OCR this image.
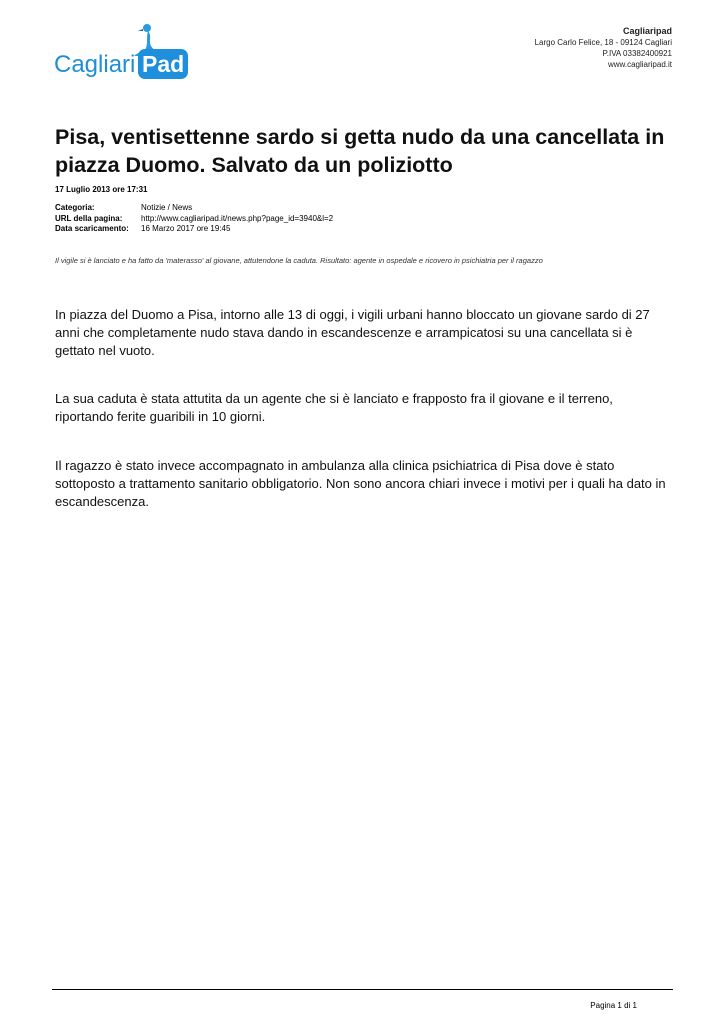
Cagliari Pad
Cagliaripad
Largo Carlo Felice, 18 - 09124 Cagliari
P.IVA 03382400921
www.cagliaripad.it
Pisa, ventisettenne sardo si getta nudo da una cancellata in piazza Duomo. Salvato da un poliziotto
17 Luglio 2013 ore 17:31
Categoria:	Notizie / News
URL della pagina:	http://www.cagliaripad.it/news.php?page_id=3940&l=2
Data scaricamento:	16 Marzo 2017 ore 19:45
Il vigile si è lanciato e ha fatto da 'materasso' al giovane, attutendone la caduta. Risultato: agente in ospedale e ricovero in psichiatria per il ragazzo

In piazza del Duomo a Pisa, intorno alle 13 di oggi, i vigili urbani hanno bloccato un giovane sardo di 27 anni che completamente nudo stava dando in escandescenze e arrampicatosi su una cancellata si è gettato nel vuoto.

La sua caduta è stata attutita da un agente che si è lanciato e frapposto fra il giovane e il terreno, riportando ferite guaribili in 10 giorni.

Il ragazzo è stato invece accompagnato in ambulanza alla clinica psichiatrica di Pisa dove è stato sottoposto a trattamento sanitario obbligatorio. Non sono ancora chiari invece i motivi per i quali ha dato in escandescenza.

Pagina 1 di 1
